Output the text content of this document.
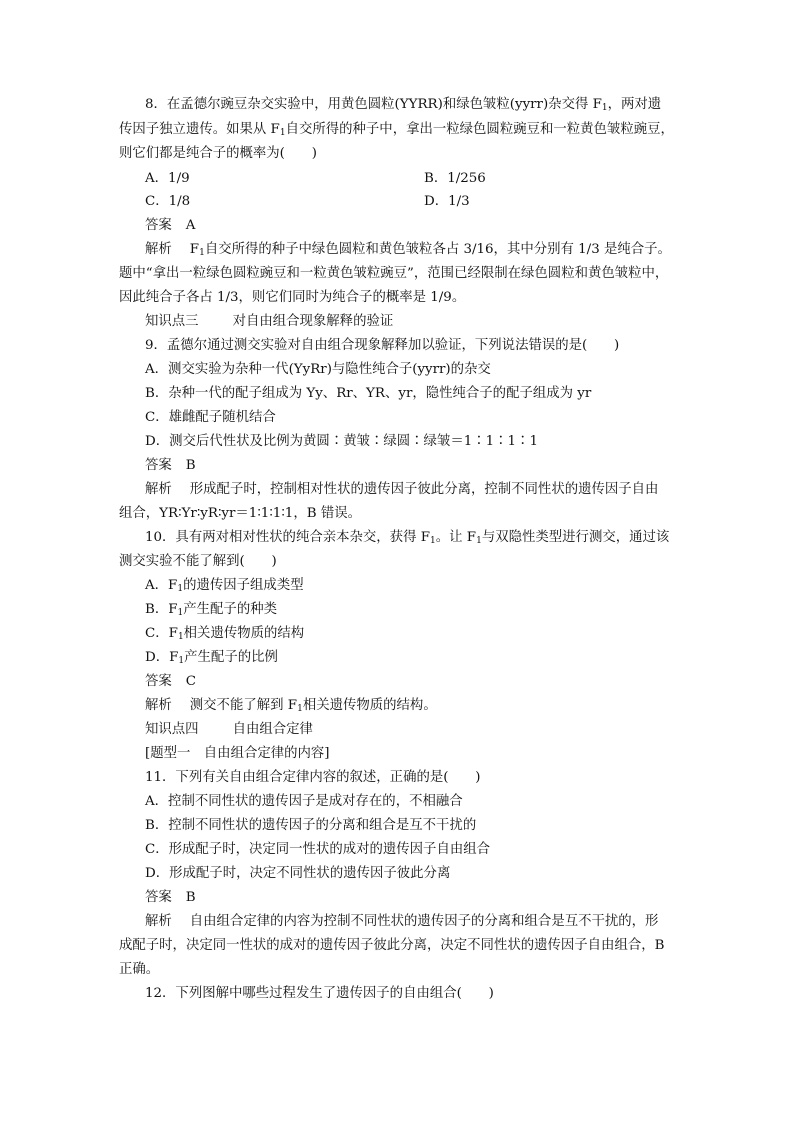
8．在孟德尔豌豆杂交实验中，用黄色圆粒(YYRR)和绿色皱粒(yyrr)杂交得 $F_1$，两对遗
传因子独立遗传。如果从 $F_1$自交所得的种子中，拿出一粒绿色圆粒豌豆和一粒黄色皱粒豌豆，
则它们都是纯合子的概率为(　　)
A．1/9	B．1/256
C．1/8	D．1/3
答案 A
解析 $F_1$自交所得的种子中绿色圆粒和黄色皱粒各占 3/16，其中分别有 1/3 是纯合子。
题中“拿出一粒绿色圆粒豌豆和一粒黄色皱粒豌豆”，范围已经限制在绿色圆粒和黄色皱粒中，
因此纯合子各占 1/3，则它们同时为纯合子的概率是 1/9。
知识点三	对自由组合现象解释的验证
9．孟德尔通过测交实验对自由组合现象解释加以验证，下列说法错误的是(　　)
A．测交实验为杂种一代(YyRr)与隐性纯合子(yyrr)的杂交
B．杂种一代的配子组成为 Yy、Rr、YR、yr，隐性纯合子的配子组成为 yr
C．雄雌配子随机结合
D．测交后代性状及比例为黄圆∶黄皱∶绿圆∶绿皱＝1∶1∶1∶1
答案 B
解析 形成配子时，控制相对性状的遗传因子彼此分离，控制不同性状的遗传因子自由
组合，YR∶Yr∶yR∶yr＝1∶1∶1∶1，B 错误。
10．具有两对相对性状的纯合亲本杂交，获得 $F_1$。让 $F_1$与双隐性类型进行测交，通过该
测交实验不能了解到(　　)
A．$F_1$的遗传因子组成类型
B．$F_1$产生配子的种类
C．$F_1$相关遗传物质的结构
D．$F_1$产生配子的比例
答案 C
解析 测交不能了解到 $F_1$相关遗传物质的结构。
知识点四	自由组合定律
[题型一　自由组合定律的内容]
11．下列有关自由组合定律内容的叙述，正确的是(　　)
A．控制不同性状的遗传因子是成对存在的，不相融合
B．控制不同性状的遗传因子的分离和组合是互不干扰的
C．形成配子时，决定同一性状的成对的遗传因子自由组合
D．形成配子时，决定不同性状的遗传因子彼此分离
答案 B
解析 自由组合定律的内容为控制不同性状的遗传因子的分离和组合是互不干扰的，形
成配子时，决定同一性状的成对的遗传因子彼此分离，决定不同性状的遗传因子自由组合，B
正确。
12．下列图解中哪些过程发生了遗传因子的自由组合(　　)
